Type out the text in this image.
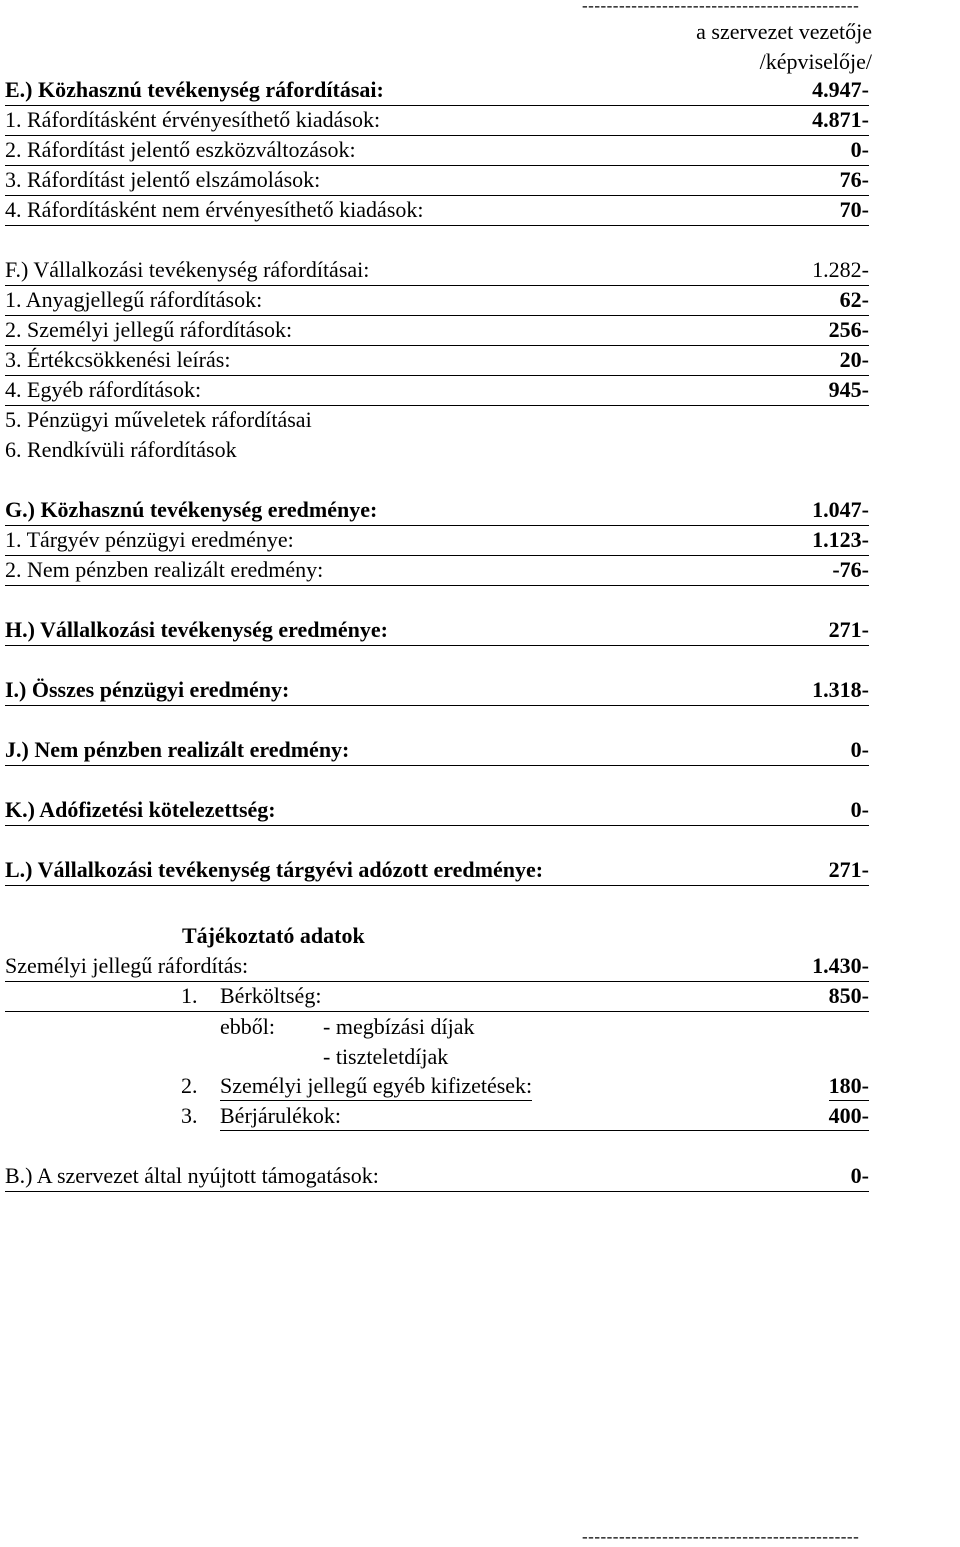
---------------------------------------------
a szervezet vezetője
/képviselője/
E.) Közhasznú tevékenység ráfordításai:	4.947-
1. Ráfordításként érvényesíthető kiadások:	4.871-
2. Ráfordítást jelentő eszközváltozások:	0-
3. Ráfordítást jelentő elszámolások:	76-
4. Ráfordításként nem érvényesíthető kiadások:	70-
F.) Vállalkozási tevékenység ráfordításai:	1.282-
1. Anyagjellegű ráfordítások:	62-
2. Személyi jellegű ráfordítások:	256-
3. Értékcsökkenési leírás:	20-
4. Egyéb ráfordítások:	945-
5. Pénzügyi műveletek ráfordításai
6. Rendkívüli ráfordítások
G.) Közhasznú tevékenység eredménye:	1.047-
1. Tárgyév pénzügyi eredménye:	1.123-
2. Nem pénzben realizált eredmény:	-76-
H.) Vállalkozási tevékenység eredménye:	271-
I.) Összes pénzügyi eredmény:	1.318-
J.) Nem pénzben realizált eredmény:	0-
K.) Adófizetési kötelezettség:	0-
L.) Vállalkozási tevékenység tárgyévi adózott eredménye:	271-
Tájékoztató adatok
Személyi jellegű ráfordítás:	1.430-
1. Bérköltség:	850-
ebből: - megbízási díjak
- tiszteletdíjak
2. Személyi jellegű egyéb kifizetések:	180-
3. Bérjárulékok:	400-
B.) A szervezet által nyújtott támogatások:	0-
---------------------------------------------
